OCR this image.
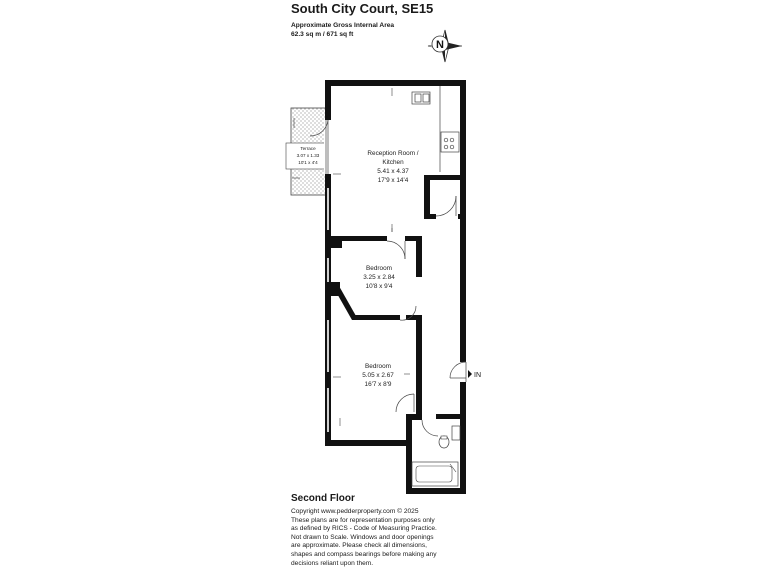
South City Court, SE15
Approximate Gross Internal Area
62.3 sq m / 671 sq ft
N
Terrace
3.07 x 1.33
10'1 x 4'4
IN
Reception Room /
Kitchen
5.41 x 4.37
17'9 x 14'4
Bedroom
3.25 x 2.84
10'8 x 9'4
Bedroom
5.05 x 2.67
16'7 x 8'9
Second Floor
Copyright www.pedderproperty.com © 2025
These plans are for representation purposes only
as defined by RICS - Code of Measuring Practice.
Not drawn to Scale. Windows and door openings
are approximate. Please check all dimensions,
shapes and compass bearings before making any
decisions reliant upon them.
